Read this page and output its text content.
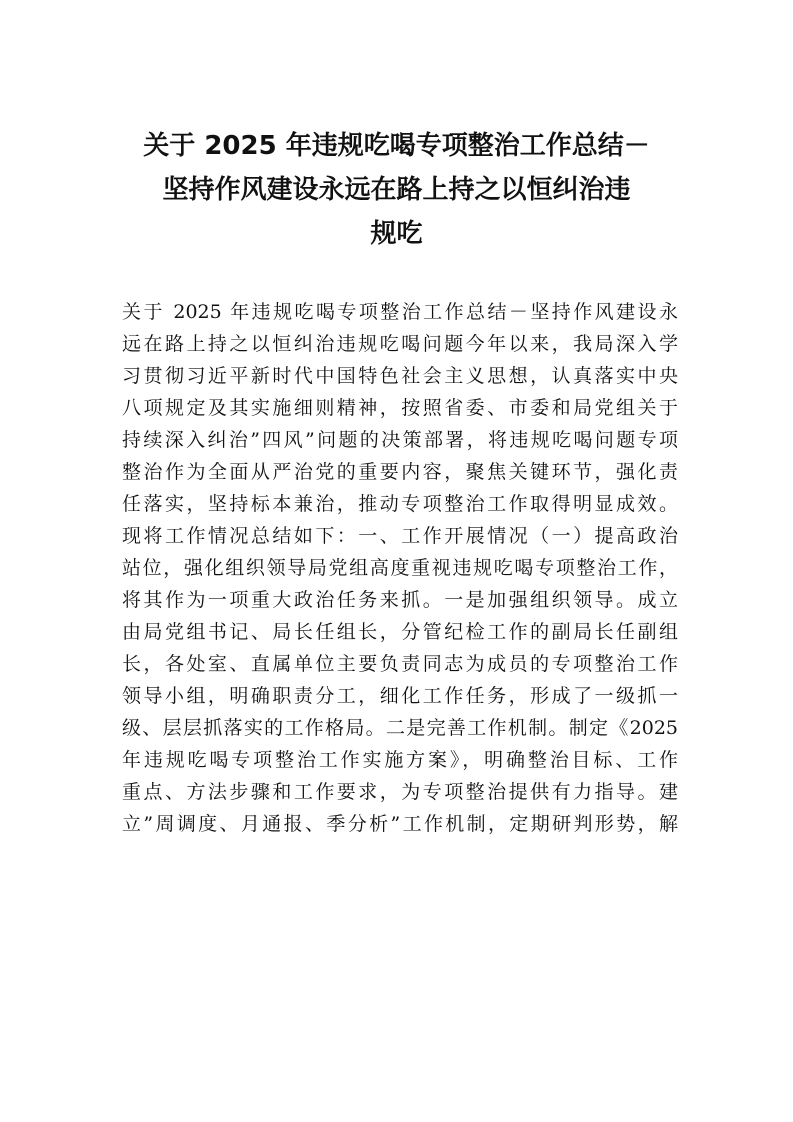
关于 2025 年违规吃喝专项整治工作总结－
坚持作风建设永远在路上持之以恒纠治违
规吃
关于 2025 年违规吃喝专项整治工作总结－坚持作风建设永
远在路上持之以恒纠治违规吃喝问题今年以来，我局深入学
习贯彻习近平新时代中国特色社会主义思想，认真落实中央
八项规定及其实施细则精神，按照省委、市委和局党组关于
持续深入纠治”四风”问题的决策部署，将违规吃喝问题专项
整治作为全面从严治党的重要内容，聚焦关键环节，强化责
任落实，坚持标本兼治，推动专项整治工作取得明显成效。
现将工作情况总结如下：一、工作开展情况（一）提高政治
站位，强化组织领导局党组高度重视违规吃喝专项整治工作，
将其作为一项重大政治任务来抓。一是加强组织领导。成立
由局党组书记、局长任组长，分管纪检工作的副局长任副组
长，各处室、直属单位主要负责同志为成员的专项整治工作
领导小组，明确职责分工，细化工作任务，形成了一级抓一
级、层层抓落实的工作格局。二是完善工作机制。制定《2025
年违规吃喝专项整治工作实施方案》，明确整治目标、工作
重点、方法步骤和工作要求，为专项整治提供有力指导。建
立”周调度、月通报、季分析”工作机制，定期研判形势，解
